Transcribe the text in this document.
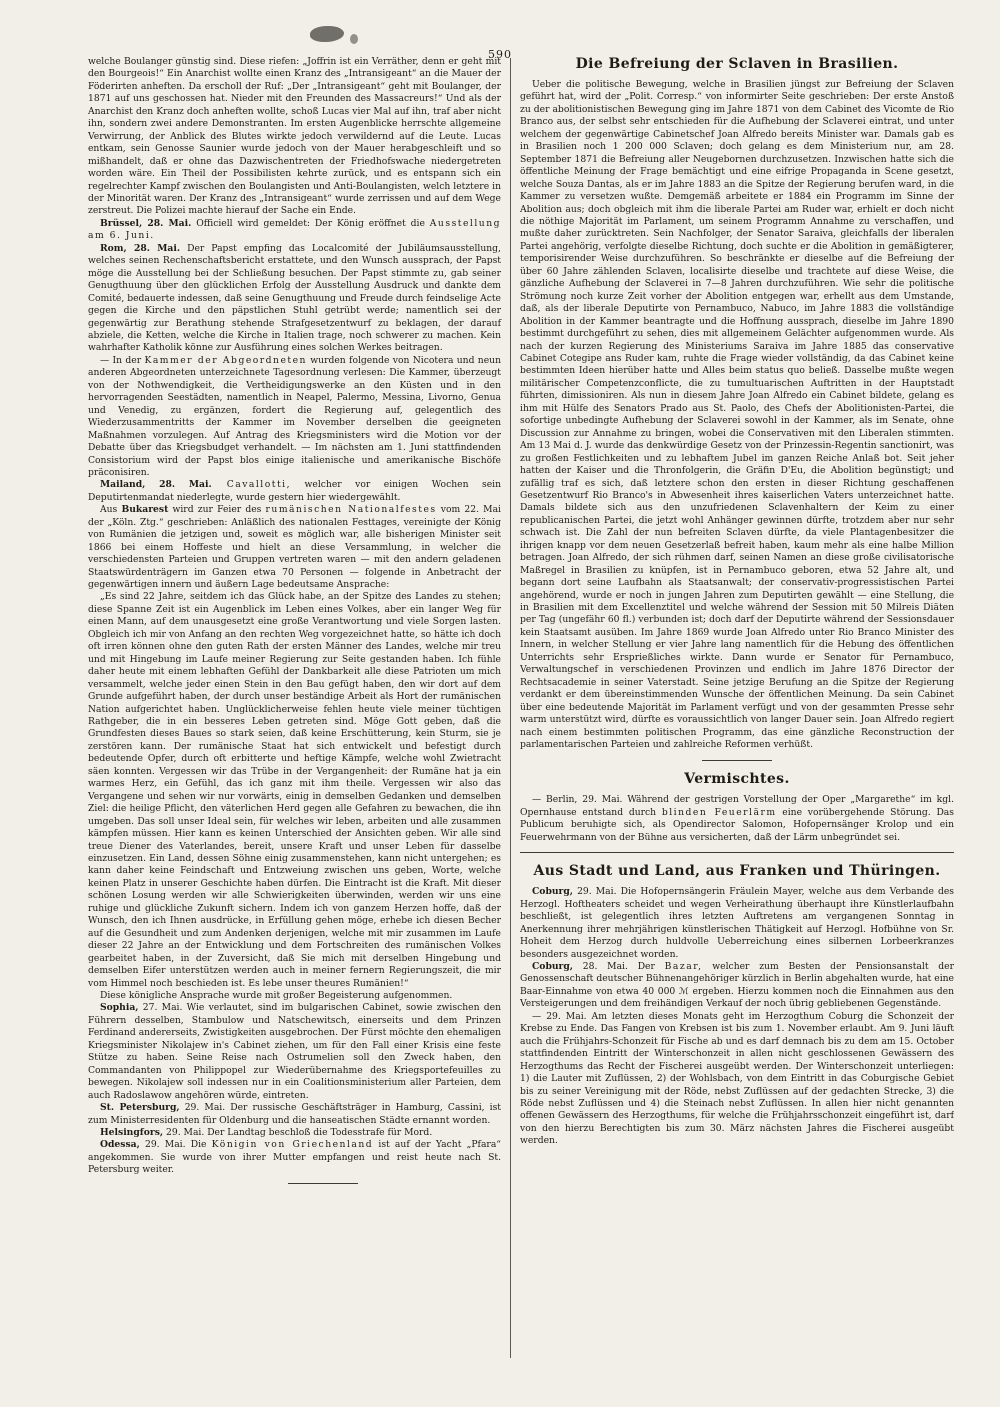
590

welche Boulanger günstig sind. Diese riefen: „Joffrin ist ein Verräther, denn er geht mit den Bourgeois!“ Ein Anarchist wollte einen Kranz des „Intransigeant“ an die Mauer der Föderirten anheften. Da erscholl der Ruf: „Der „Intransigeant“ geht mit Boulanger, der 1871 auf uns geschossen hat. Nieder mit den Freunden des Massacreurs!“ Und als der Anarchist den Kranz doch anheften wollte, schoß Lucas vier Mal auf ihn, traf aber nicht ihn, sondern zwei andere Demonstranten. Im ersten Augenblicke herrschte allgemeine Verwirrung, der Anblick des Blutes wirkte jedoch verwildernd auf die Leute. Lucas entkam, sein Genosse Saunier wurde jedoch von der Mauer herabgeschleift und so mißhandelt, daß er ohne das Dazwischentreten der Friedhofswache niedergetreten worden wäre. Ein Theil der Possibilisten kehrte zurück, und es entspann sich ein regelrechter Kampf zwischen den Boulangisten und Anti-Boulangisten, welch letztere in der Minorität waren. Der Kranz des „Intransigeant“ wurde zerrissen und auf dem Wege zerstreut. Die Polizei machte hierauf der Sache ein Ende.

Brüssel, 28. Mai. Officiell wird gemeldet: Der König eröffnet die Ausstellung am 6. Juni.

Rom, 28. Mai. Der Papst empfing das Localcomité der Jubiläumsausstellung, welches seinen Rechenschaftsbericht erstattete, und den Wunsch aussprach, der Papst möge die Ausstellung bei der Schließung besuchen. Der Papst stimmte zu, gab seiner Genugthuung über den glücklichen Erfolg der Ausstellung Ausdruck und dankte dem Comité, bedauerte indessen, daß seine Genugthuung und Freude durch feindselige Acte gegen die Kirche und den päpstlichen Stuhl getrübt werde; namentlich sei der gegenwärtig zur Berathung stehende Strafgesetzentwurf zu beklagen, der darauf abziele, die Ketten, welche die Kirche in Italien trage, noch schwerer zu machen. Kein wahrhafter Katholik könne zur Ausführung eines solchen Werkes beitragen.

— In der Kammer der Abgeordneten wurden folgende von Nicotera und neun anderen Abgeordneten unterzeichnete Tagesordnung verlesen: Die Kammer, überzeugt von der Nothwendigkeit, die Vertheidigungswerke an den Küsten und in den hervorragenden Seestädten, namentlich in Neapel, Palermo, Messina, Livorno, Genua und Venedig, zu ergänzen, fordert die Regierung auf, gelegentlich des Wiederzusammentritts der Kammer im November derselben die geeigneten Maßnahmen vorzulegen. Auf Antrag des Kriegsministers wird die Motion vor der Debatte über das Kriegsbudget verhandelt. — Im nächsten am 1. Juni stattfindenden Consistorium wird der Papst blos einige italienische und amerikanische Bischöfe präconisiren.

Mailand, 28. Mai. Cavallotti, welcher vor einigen Wochen sein Deputirtenmandat niederlegte, wurde gestern hier wiedergewählt.

Aus Bukarest wird zur Feier des rumänischen Nationalfestes vom 22. Mai der „Köln. Ztg.“ geschrieben: Anläßlich des nationalen Festtages, vereinigte der König von Rumänien die jetzigen und, soweit es möglich war, alle bisherigen Minister seit 1866 bei einem Hoffeste und hielt an diese Versammlung, in welcher die verschiedensten Parteien und Gruppen vertreten waren — mit den andern geladenen Staatswürdenträgern im Ganzen etwa 70 Personen — folgende in Anbetracht der gegenwärtigen innern und äußern Lage bedeutsame Ansprache:

„Es sind 22 Jahre, seitdem ich das Glück habe, an der Spitze des Landes zu stehen; diese Spanne Zeit ist ein Augenblick im Leben eines Volkes, aber ein langer Weg für einen Mann, auf dem unausgesetzt eine große Verantwortung und viele Sorgen lasten. Obgleich ich mir von Anfang an den rechten Weg vorgezeichnet hatte, so hätte ich doch oft irren können ohne den guten Rath der ersten Männer des Landes, welche mir treu und mit Hingebung im Laufe meiner Regierung zur Seite gestanden haben. Ich fühle daher heute mit einem lebhaften Gefühl der Dankbarkeit alle diese Patrioten um mich versammelt, welche jeder einen Stein in den Bau gefügt haben, den wir dort auf dem Grunde aufgeführt haben, der durch unser beständige Arbeit als Hort der rumänischen Nation aufgerichtet haben. Unglücklicherweise fehlen heute viele meiner tüchtigen Rathgeber, die in ein besseres Leben getreten sind. Möge Gott geben, daß die Grundfesten dieses Baues so stark seien, daß keine Erschütterung, kein Sturm, sie je zerstören kann. Der rumänische Staat hat sich entwickelt und befestigt durch bedeutende Opfer, durch oft erbitterte und heftige Kämpfe, welche wohl Zwietracht säen konnten. Vergessen wir das Trübe in der Vergangenheit: der Rumäne hat ja ein warmes Herz, ein Gefühl, das ich ganz mit ihm theile. Vergessen wir also das Vergangene und sehen wir nur vorwärts, einig in demselben Gedanken und demselben Ziel: die heilige Pflicht, den väterlichen Herd gegen alle Gefahren zu bewachen, die ihn umgeben. Das soll unser Ideal sein, für welches wir leben, arbeiten und alle zusammen kämpfen müssen. Hier kann es keinen Unterschied der Ansichten geben. Wir alle sind treue Diener des Vaterlandes, bereit, unsere Kraft und unser Leben für dasselbe einzusetzen. Ein Land, dessen Söhne einig zusammenstehen, kann nicht untergehen; es kann daher keine Feindschaft und Entzweiung zwischen uns geben, Worte, welche keinen Platz in unserer Geschichte haben dürfen. Die Eintracht ist die Kraft. Mit dieser schönen Losung werden wir alle Schwierigkeiten überwinden, werden wir uns eine ruhige und glückliche Zukunft sichern. Indem ich von ganzem Herzen hoffe, daß der Wunsch, den ich Ihnen ausdrücke, in Erfüllung gehen möge, erhebe ich diesen Becher auf die Gesundheit und zum Andenken derjenigen, welche mit mir zusammen im Laufe dieser 22 Jahre an der Entwicklung und dem Fortschreiten des rumänischen Volkes gearbeitet haben, in der Zuversicht, daß Sie mich mit derselben Hingebung und demselben Eifer unterstützen werden auch in meiner fernern Regierungszeit, die mir vom Himmel noch beschieden ist. Es lebe unser theures Rumänien!“

Diese königliche Ansprache wurde mit großer Begeisterung aufgenommen.

Sophia, 27. Mai. Wie verlautet, sind im bulgarischen Cabinet, sowie zwischen den Führern desselben, Stambulow und Natschewitsch, einerseits und dem Prinzen Ferdinand andererseits, Zwistigkeiten ausgebrochen. Der Fürst möchte den ehemaligen Kriegsminister Nikolajew in's Cabinet ziehen, um für den Fall einer Krisis eine feste Stütze zu haben. Seine Reise nach Ostrumelien soll den Zweck haben, den Commandanten von Philippopel zur Wiederübernahme des Kriegsportefeuilles zu bewegen. Nikolajew soll indessen nur in ein Coalitionsministerium aller Parteien, dem auch Radoslawow angehören würde, eintreten.

St. Petersburg, 29. Mai. Der russische Geschäftsträger in Hamburg, Cassini, ist zum Ministerresidenten für Oldenburg und die hanseatischen Städte ernannt worden.

Helsingfors, 29. Mai. Der Landtag beschloß die Todesstrafe für Mord.

Odessa, 29. Mai. Die Königin von Griechenland ist auf der Yacht „Pfara“ angekommen. Sie wurde von ihrer Mutter empfangen und reist heute nach St. Petersburg weiter.

Die Befreiung der Sclaven in Brasilien.

Ueber die politische Bewegung, welche in Brasilien jüngst zur Befreiung der Sclaven geführt hat, wird der „Polit. Corresp.“ von informirter Seite geschrieben: Der erste Anstoß zu der abolitionistischen Bewegung ging im Jahre 1871 von dem Cabinet des Vicomte de Rio Branco aus, der selbst sehr entschieden für die Aufhebung der Sclaverei eintrat, und unter welchem der gegenwärtige Cabinetschef Joan Alfredo bereits Minister war. Damals gab es in Brasilien noch 1 200 000 Sclaven; doch gelang es dem Ministerium nur, am 28. September 1871 die Befreiung aller Neugebornen durchzusetzen. Inzwischen hatte sich die öffentliche Meinung der Frage bemächtigt und eine eifrige Propaganda in Scene gesetzt, welche Souza Dantas, als er im Jahre 1883 an die Spitze der Regierung berufen ward, in die Kammer zu versetzen wußte. Demgemäß arbeitete er 1884 ein Programm im Sinne der Abolition aus; doch obgleich mit ihm die liberale Partei am Ruder war, erhielt er doch nicht die nöthige Majorität im Parlament, um seinem Programm Annahme zu verschaffen, und mußte daher zurücktreten. Sein Nachfolger, der Senator Saraiva, gleichfalls der liberalen Partei angehörig, verfolgte dieselbe Richtung, doch suchte er die Abolition in gemäßigterer, temporisirender Weise durchzuführen. So beschränkte er dieselbe auf die Befreiung der über 60 Jahre zählenden Sclaven, localisirte dieselbe und trachtete auf diese Weise, die gänzliche Aufhebung der Sclaverei in 7—8 Jahren durchzuführen. Wie sehr die politische Strömung noch kurze Zeit vorher der Abolition entgegen war, erhellt aus dem Umstande, daß, als der liberale Deputirte von Pernambuco, Nabuco, im Jahre 1883 die vollständige Abolition in der Kammer beantragte und die Hoffnung aussprach, dieselbe im Jahre 1890 bestimmt durchgeführt zu sehen, dies mit allgemeinem Gelächter aufgenommen wurde. Als nach der kurzen Regierung des Ministeriums Saraiva im Jahre 1885 das conservative Cabinet Cotegipe ans Ruder kam, ruhte die Frage wieder vollständig, da das Cabinet keine bestimmten Ideen hierüber hatte und Alles beim status quo beließ. Dasselbe mußte wegen militärischer Competenzconflicte, die zu tumultuarischen Auftritten in der Hauptstadt führten, dimissioniren. Als nun in diesem Jahre Joan Alfredo ein Cabinet bildete, gelang es ihm mit Hülfe des Senators Prado aus St. Paolo, des Chefs der Abolitionisten-Partei, die sofortige unbedingte Aufhebung der Sclaverei sowohl in der Kammer, als im Senate, ohne Discussion zur Annahme zu bringen, wobei die Conservativen mit den Liberalen stimmten. Am 13 Mai d. J. wurde das denkwürdige Gesetz von der Prinzessin-Regentin sanctionirt, was zu großen Festlichkeiten und zu lebhaftem Jubel im ganzen Reiche Anlaß bot. Seit jeher hatten der Kaiser und die Thronfolgerin, die Gräfin D'Eu, die Abolition begünstigt; und zufällig traf es sich, daß letztere schon den ersten in dieser Richtung geschaffenen Gesetzentwurf Rio Branco's in Abwesenheit ihres kaiserlichen Vaters unterzeichnet hatte. Damals bildete sich aus den unzufriedenen Sclavenhaltern der Keim zu einer republicanischen Partei, die jetzt wohl Anhänger gewinnen dürfte, trotzdem aber nur sehr schwach ist. Die Zahl der nun befreiten Sclaven dürfte, da viele Plantagenbesitzer die ihrigen knapp vor dem neuen Gesetzerlaß befreit haben, kaum mehr als eine halbe Million betragen. Joan Alfredo, der sich rühmen darf, seinen Namen an diese große civilisatorische Maßregel in Brasilien zu knüpfen, ist in Pernambuco geboren, etwa 52 Jahre alt, und begann dort seine Laufbahn als Staatsanwalt; der conservativ-progressistischen Partei angehörend, wurde er noch in jungen Jahren zum Deputirten gewählt — eine Stellung, die in Brasilien mit dem Excellenztitel und welche während der Session mit 50 Milreis Diäten per Tag (ungefähr 60 fl.) verbunden ist; doch darf der Deputirte während der Sessionsdauer kein Staatsamt ausüben. Im Jahre 1869 wurde Joan Alfredo unter Rio Branco Minister des Innern, in welcher Stellung er vier Jahre lang namentlich für die Hebung des öffentlichen Unterrichts sehr Ersprießliches wirkte. Dann wurde er Senator für Pernambuco, Verwaltungschef in verschiedenen Provinzen und endlich im Jahre 1876 Director der Rechtsacademie in seiner Vaterstadt. Seine jetzige Berufung an die Spitze der Regierung verdankt er dem übereinstimmenden Wunsche der öffentlichen Meinung. Da sein Cabinet über eine bedeutende Majorität im Parlament verfügt und von der gesammten Presse sehr warm unterstützt wird, dürfte es voraussichtlich von langer Dauer sein. Joan Alfredo regiert nach einem bestimmten politischen Programm, das eine gänzliche Reconstruction der parlamentarischen Parteien und zahlreiche Reformen verhüßt.

Vermischtes.

— Berlin, 29. Mai. Während der gestrigen Vorstellung der Oper „Margarethe“ im kgl. Opernhause entstand durch blinden Feuerlärm eine vorübergehende Störung. Das Publicum beruhigte sich, als Opendirector Salomon, Hofopernsänger Krolop und ein Feuerwehrmann von der Bühne aus versicherten, daß der Lärm unbegründet sei.

Aus Stadt und Land, aus Franken und Thüringen.

Coburg, 29. Mai. Die Hofopernsängerin Fräulein Mayer, welche aus dem Verbande des Herzogl. Hoftheaters scheidet und wegen Verheirathung überhaupt ihre Künstlerlaufbahn beschließt, ist gelegentlich ihres letzten Auftretens am vergangenen Sonntag in Anerkennung ihrer mehrjährigen künstlerischen Thätigkeit auf Herzogl. Hofbühne von Sr. Hoheit dem Herzog durch huldvolle Ueberreichung eines silbernen Lorbeerkranzes besonders ausgezeichnet worden.

Coburg, 28. Mai. Der Bazar, welcher zum Besten der Pensionsanstalt der Genossenschaft deutscher Bühnenangehöriger kürzlich in Berlin abgehalten wurde, hat eine Baar-Einnahme von etwa 40 000 ℳ ergeben. Hierzu kommen noch die Einnahmen aus den Versteigerungen und dem freihändigen Verkauf der noch übrig gebliebenen Gegenstände.

— 29. Mai. Am letzten dieses Monats geht im Herzogthum Coburg die Schonzeit der Krebse zu Ende. Das Fangen von Krebsen ist bis zum 1. November erlaubt. Am 9. Juni läuft auch die Frühjahrs-Schonzeit für Fische ab und es darf demnach bis zu dem am 15. October stattfindenden Eintritt der Winterschonzeit in allen nicht geschlossenen Gewässern des Herzogthums das Recht der Fischerei ausgeübt werden. Der Winterschonzeit unterliegen: 1) die Lauter mit Zuflüssen, 2) der Wohlsbach, von dem Eintritt in das Coburgische Gebiet bis zu seiner Vereinigung mit der Röde, nebst Zuflüssen auf der gedachten Strecke, 3) die Röde nebst Zuflüssen und 4) die Steinach nebst Zuflüssen. In allen hier nicht genannten offenen Gewässern des Herzogthums, für welche die Frühjahrsschonzeit eingeführt ist, darf von den hierzu Berechtigten bis zum 30. März nächsten Jahres die Fischerei ausgeübt werden.
